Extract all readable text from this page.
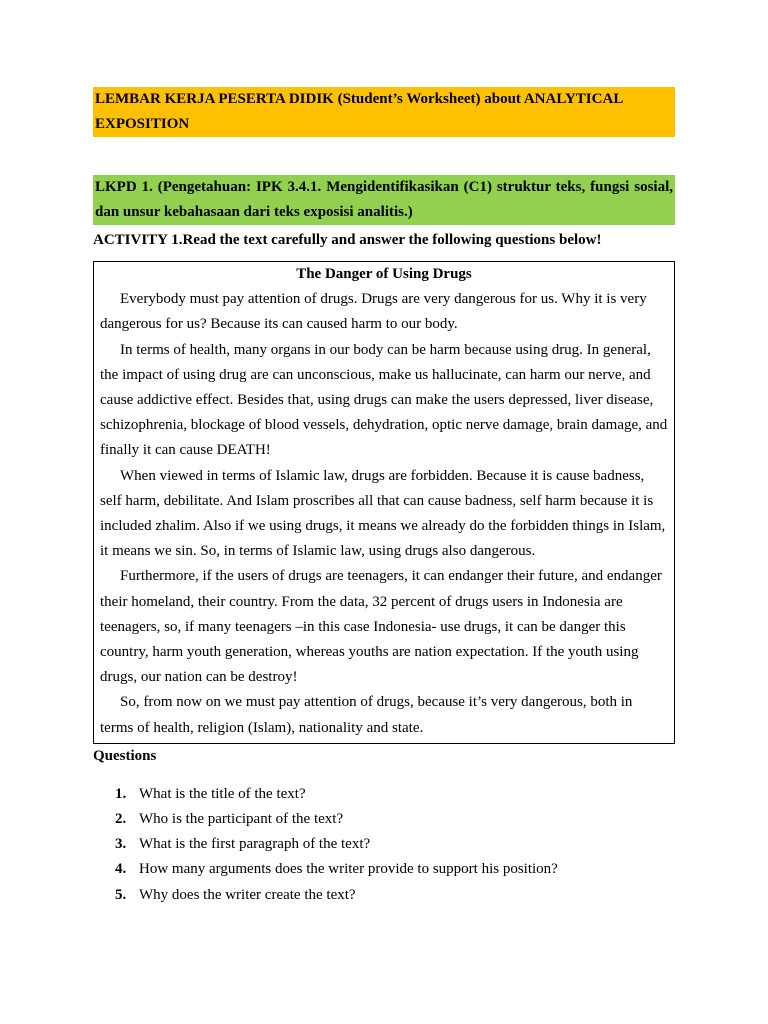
LEMBAR KERJA PESERTA DIDIK (Student’s Worksheet) about ANALYTICAL EXPOSITION
LKPD 1. (Pengetahuan: IPK 3.4.1. Mengidentifikasikan (C1) struktur teks, fungsi sosial, dan unsur kebahasaan dari teks exposisi analitis.)
ACTIVITY 1.Read the text carefully and answer the following questions below!
The Danger of Using Drugs

Everybody must pay attention of drugs. Drugs are very dangerous for us. Why it is very dangerous for us? Because its can caused harm to our body.

In terms of health, many organs in our body can be harm because using drug. In general, the impact of using drug are can unconscious, make us hallucinate, can harm our nerve, and cause addictive effect. Besides that, using drugs can make the users depressed, liver disease, schizophrenia, blockage of blood vessels, dehydration, optic nerve damage, brain damage, and finally it can cause DEATH!

When viewed in terms of Islamic law, drugs are forbidden. Because it is cause badness, self harm, debilitate. And Islam proscribes all that can cause badness, self harm because it is included zhalim. Also if we using drugs, it means we already do the forbidden things in Islam, it means we sin. So, in terms of Islamic law, using drugs also dangerous.

Furthermore, if the users of drugs are teenagers, it can endanger their future, and endanger their homeland, their country. From the data, 32 percent of drugs users in Indonesia are teenagers, so, if many teenagers –in this case Indonesia- use drugs, it can be danger this country, harm youth generation, whereas youths are nation expectation. If the youth using drugs, our nation can be destroy!

So, from now on we must pay attention of drugs, because it’s very dangerous, both in terms of health, religion (Islam), nationality and state.

Questions
1. What is the title of the text?
2. Who is the participant of the text?
3. What is the first paragraph of the text?
4. How many arguments does the writer provide to support his position?
5. Why does the writer create the text?
